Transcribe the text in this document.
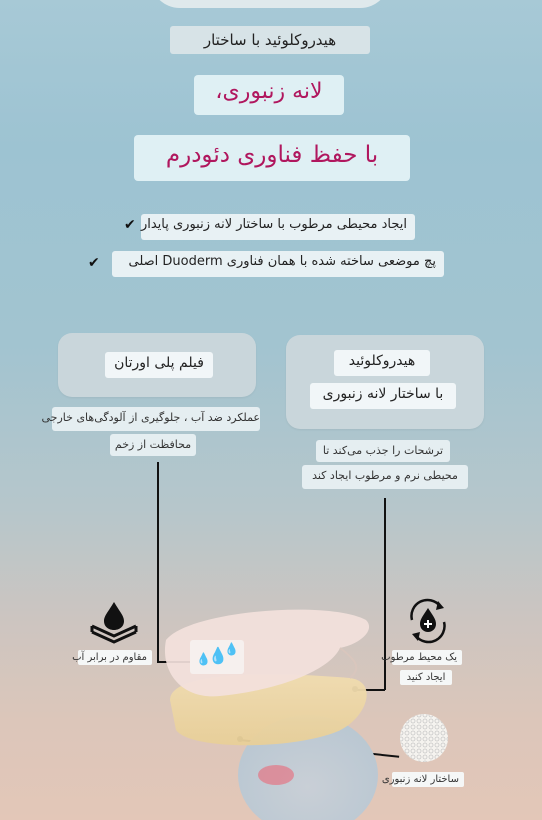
هیدروکلوئید با ساختار
لانه زنبوری،
با حفظ فناوری دئودرم
ایجاد محیطی مرطوب با ساختار لانه زنبوری پایدار
✔
پچ موضعی ساخته شده با همان فناوری Duoderm اصلی
✔
فیلم پلی اورتان	هیدروکلوئید
با ساختار لانه زنبوری
عملکرد ضد آب ، جلوگیری از آلودگی‌های خارجی
محافظت از زخم	ترشحات را جذب می‌کند تا
محیطی نرم و مرطوب ایجاد کند
💧
💧
💧
مقاوم در برابر آب	یک محیط مرطوب
ایجاد کنید
ساختار لانه زنبوری
